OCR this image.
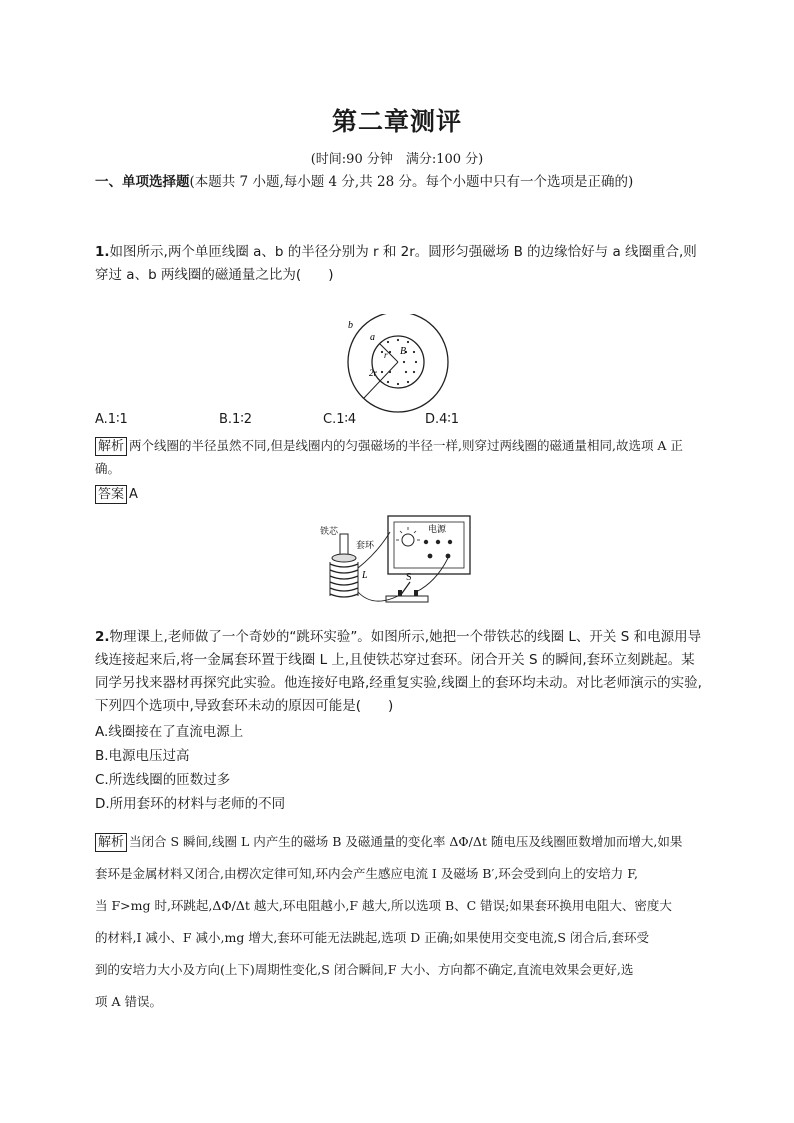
第二章测评
(时间:90 分钟　满分:100 分)
一、单项选择题(本题共 7 小题,每小题 4 分,共 28 分。每个小题中只有一个选项是正确的)
1.如图所示,两个单匝线圈 a、b 的半径分别为 r 和 2r。圆形匀强磁场 B 的边缘恰好与 a 线圈重合,则穿过 a、b 两线圈的磁通量之比为(　　)
b
a
r B
2r
A.1∶1	B.1∶2	C.1∶4	D.4∶1
解析 两个线圈的半径虽然不同,但是线圈内的匀强磁场的半径一样,则穿过两线圈的磁通量相同,故选项 A 正确。
答案 A
电源
铁芯
套环
L	S
2.物理课上,老师做了一个奇妙的“跳环实验”。如图所示,她把一个带铁芯的线圈 L、开关 S 和电源用导线连接起来后,将一金属套环置于线圈 L 上,且使铁芯穿过套环。闭合开关 S 的瞬间,套环立刻跳起。某同学另找来器材再探究此实验。他连接好电路,经重复实验,线圈上的套环均未动。对比老师演示的实验,下列四个选项中,导致套环未动的原因可能是(　　)
A.线圈接在了直流电源上
B.电源电压过高
C.所选线圈的匝数过多
D.所用套环的材料与老师的不同
解析 当闭合 S 瞬间,线圈 L 内产生的磁场 B 及磁通量的变化率 ΔΦ/Δt 随电压及线圈匝数增加而增大,如果
套环是金属材料又闭合,由楞次定律可知,环内会产生感应电流 I 及磁场 B′,环会受到向上的安培力 F,
当 F>mg 时,环跳起,ΔΦ/Δt 越大,环电阻越小,F 越大,所以选项 B、C 错误;如果套环换用电阻大、密度大
的材料,I 减小、F 减小,mg 增大,套环可能无法跳起,选项 D 正确;如果使用交变电流,S 闭合后,套环受
到的安培力大小及方向(上下)周期性变化,S 闭合瞬间,F 大小、方向都不确定,直流电效果会更好,选
项 A 错误。
